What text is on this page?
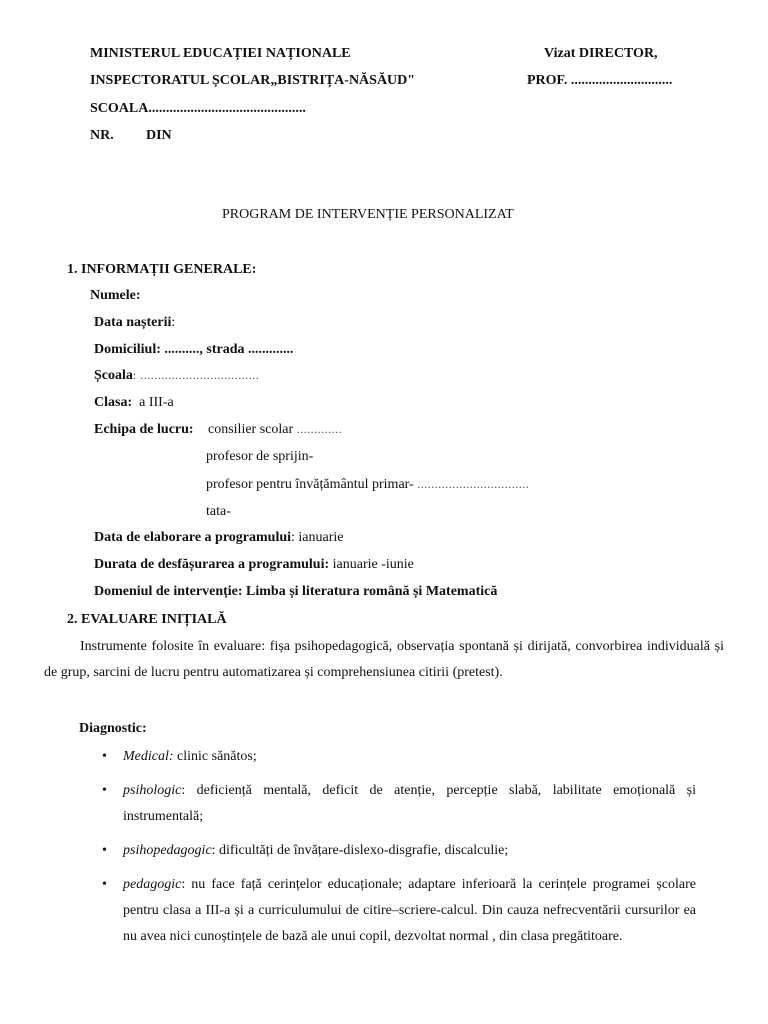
MINISTERUL EDUCAȚIEI NAȚIONALE
INSPECTORATUL ȘCOLAR„BISTRIȚA-NĂSĂUD"
SCOALA.............................................
NR. DIN
Vizat DIRECTOR,
PROF. .............................
PROGRAM DE INTERVENȚIE PERSONALIZAT
1. INFORMAȚII GENERALE:
Numele:
Data nașterii:
Domiciliul: .........., strada .............
Școala: ..................................
Clasa: a III-a
Echipa de lucru: consilier scolar .............
profesor de sprijin-
profesor pentru învățământul primar- ................................
tata-
Data de elaborare a programului: ianuarie
Durata de desfășurarea a programului: ianuarie -iunie
Domeniul de intervenție: Limba și literatura română și Matematică
2. EVALUARE INIȚIALĂ
Instrumente folosite în evaluare: fișa psihopedagogică, observația spontană și dirijată, convorbirea individuală și de grup, sarcini de lucru pentru automatizarea și comprehensiunea citirii (pretest).
Diagnostic:
• Medical: clinic sănătos;
• psihologic: deficiență mentală, deficit de atenție, percepție slabă, labilitate emoțională și instrumentală;
• psihopedagogic: dificultăți de învățare-dislexo-disgrafie, discalculie;
• pedagogic: nu face față cerințelor educaționale; adaptare inferioară la cerințele programei școlare pentru clasa a III-a și a curriculumului de citire–scriere-calcul. Din cauza nefrecventării cursurilor ea nu avea nici cunoștințele de bază ale unui copil, dezvoltat normal , din clasa pregătitoare.
